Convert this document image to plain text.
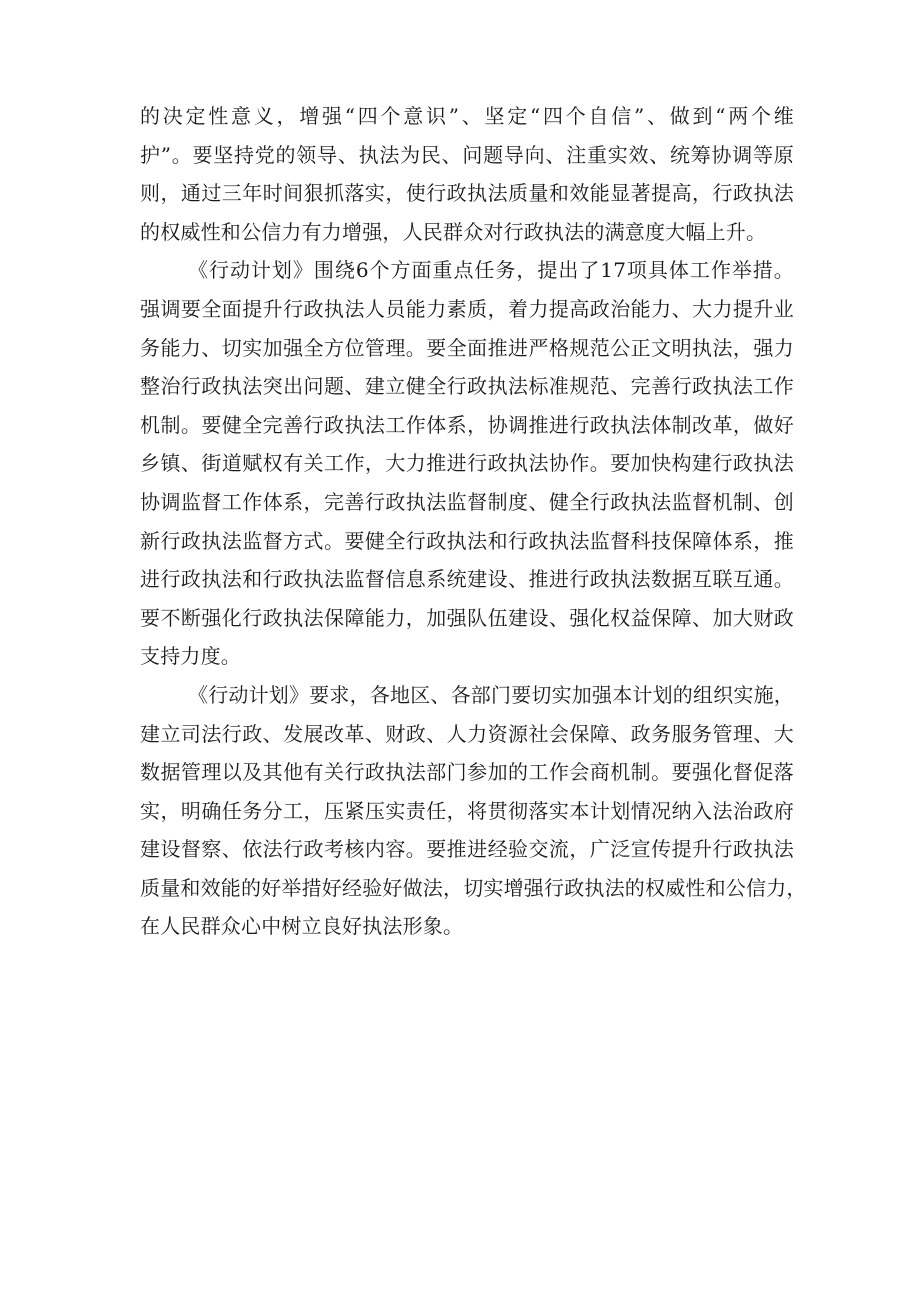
的决定性意义，增强“四个意识”、坚定“四个自信”、做到“两个维
护”。要坚持党的领导、执法为民、问题导向、注重实效、统筹协调等原
则，通过三年时间狠抓落实，使行政执法质量和效能显著提高，行政执法
的权威性和公信力有力增强，人民群众对行政执法的满意度大幅上升。
《行动计划》围绕6个方面重点任务，提出了17项具体工作举措。
强调要全面提升行政执法人员能力素质，着力提高政治能力、大力提升业
务能力、切实加强全方位管理。要全面推进严格规范公正文明执法，强力
整治行政执法突出问题、建立健全行政执法标准规范、完善行政执法工作
机制。要健全完善行政执法工作体系，协调推进行政执法体制改革，做好
乡镇、街道赋权有关工作，大力推进行政执法协作。要加快构建行政执法
协调监督工作体系，完善行政执法监督制度、健全行政执法监督机制、创
新行政执法监督方式。要健全行政执法和行政执法监督科技保障体系，推
进行政执法和行政执法监督信息系统建设、推进行政执法数据互联互通。
要不断强化行政执法保障能力，加强队伍建设、强化权益保障、加大财政
支持力度。
《行动计划》要求，各地区、各部门要切实加强本计划的组织实施，
建立司法行政、发展改革、财政、人力资源社会保障、政务服务管理、大
数据管理以及其他有关行政执法部门参加的工作会商机制。要强化督促落
实，明确任务分工，压紧压实责任，将贯彻落实本计划情况纳入法治政府
建设督察、依法行政考核内容。要推进经验交流，广泛宣传提升行政执法
质量和效能的好举措好经验好做法，切实增强行政执法的权威性和公信力，
在人民群众心中树立良好执法形象。
